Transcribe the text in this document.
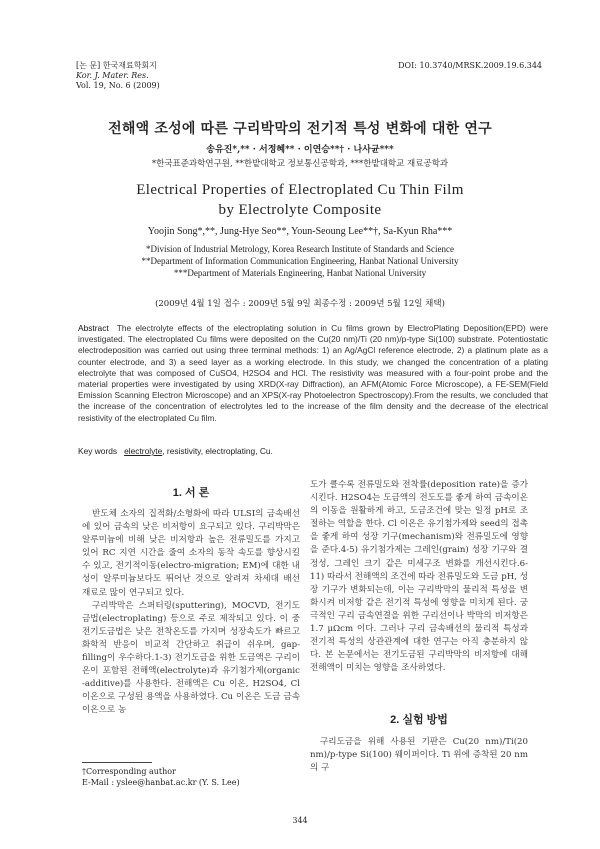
[논 문] 한국재료학회지
Kor. J. Mater. Res.
Vol. 19, No. 6 (2009)
DOI: 10.3740/MRSK.2009.19.6.344
전해액 조성에 따른 구리박막의 전기적 특성 변화에 대한 연구
송유진*,** · 서정혜** · 이연승**† · 나사균***
*한국표준과학연구원, **한밭대학교 정보통신공학과, ***한밭대학교 재료공학과
Electrical Properties of Electroplated Cu Thin Film
by Electrolyte Composite
Yoojin Song*,**, Jung-Hye Seo**, Youn-Seoung Lee**†, Sa-Kyun Rha***
*Division of Industrial Metrology, Korea Research Institute of Standards and Science
**Department of Information Communication Engineering, Hanbat National University
***Department of Materials Engineering, Hanbat National University
(2009년 4월 1일 접수 : 2009년 5월 9일 최종수정 : 2009년 5월 12일 채택)
Abstract The electrolyte effects of the electroplating solution in Cu films grown by ElectroPlating Deposition(EPD) were investigated. The electroplated Cu films were deposited on the Cu(20 nm)/Ti (20 nm)/p-type Si(100) substrate. Potentiostatic electrodeposition was carried out using three terminal methods: 1) an Ag/AgCl reference electrode, 2) a platinum plate as a counter electrode, and 3) a seed layer as a working electrode. In this study, we changed the concentration of a plating electrolyte that was composed of CuSO4, H2SO4 and HCl. The resistivity was measured with a four-point probe and the material properties were investigated by using XRD(X-ray Diffraction), an AFM(Atomic Force Microscope), a FE-SEM(Field Emission Scanning Electron Microscope) and an XPS(X-ray Photoelectron Spectroscopy).From the results, we concluded that the increase of the concentration of electrolytes led to the increase of the film density and the decrease of the electrical resistivity of the electroplated Cu film.
Key words electrolyte, resistivity, electroplating, Cu.
1. 서 론

반도체 소자의 집적화/소형화에 따라 ULSI의 금속배선에 있어 금속의 낮은 비저항이 요구되고 있다. 구리박막은 알루미늄에 비해 낮은 비저항과 높은 전류밀도를 가지고 있어 RC 지연 시간을 줄여 소자의 동작 속도를 향상시킬 수 있고, 전기적이동(electro-migration; EM)에 대한 내성이 알루미늄보다도 뛰어난 것으로 알려져 차세대 배선 재료로 많이 연구되고 있다.

구리박막은 스퍼터링(sputtering), MOCVD, 전기도금법(electroplating) 등으로 주로 제작되고 있다. 이 중 전기도금법은 낮은 전착온도를 가지며 성장속도가 빠르고 화학적 반응이 비교적 간단하고 취급이 쉬우며, gap-filling이 우수하다.1-3) 전기도금을 위한 도금액은 구리이온이 포함된 전해액(electrolyte)과 유기첨가제(organic -additive)를 사용한다. 전해액은 Cu 이온, H2SO4, Cl 이온으로 구성된 용액을 사용하였다. Cu 이온은 도금 금속이온으로 농

†Corresponding author
E-Mail : yslee@hanbat.ac.kr (Y. S. Lee)

도가 클수록 전류밀도와 전착률(deposition rate)을 증가시킨다. H2SO4는 도금액의 전도도를 좋게 하여 금속이온의 이동을 원활하게 하고, 도금조건에 맞는 일정 pH로 조절하는 역할을 한다. Cl 이온은 유기첨가제와 seed의 접촉을 좋게 하여 성장 기구(mechanism)와 전류밀도에 영향을 준다.4-5) 유기첨가제는 그레인(grain) 성장 기구와 결정성, 그레인 크기 같은 미세구조 변화를 개선시킨다.6-11) 따라서 전해액의 조건에 따라 전류밀도와 도금 pH, 성장 기구가 변화되는데, 이는 구리박막의 물리적 특성을 변화시켜 비저항 같은 전기적 특성에 영향을 미치게 된다. 궁극적인 구리 금속연결을 위한 구리선이나 박막의 비저항은 1.7 μΩcm 이다. 그러나 구리 금속배선의 물리적 특성과 전기적 특성의 상관관계에 대한 연구는 아직 충분하지 않다. 본 논문에서는 전기도금된 구리박막의 비저항에 대해 전해액이 미치는 영향을 조사하였다.

2. 실험 방법

구리도금을 위해 사용된 기판은 Cu(20 nm)/Ti(20 nm)/p-type Si(100) 웨이퍼이다. Ti 위에 증착된 20 nm의 구

344
